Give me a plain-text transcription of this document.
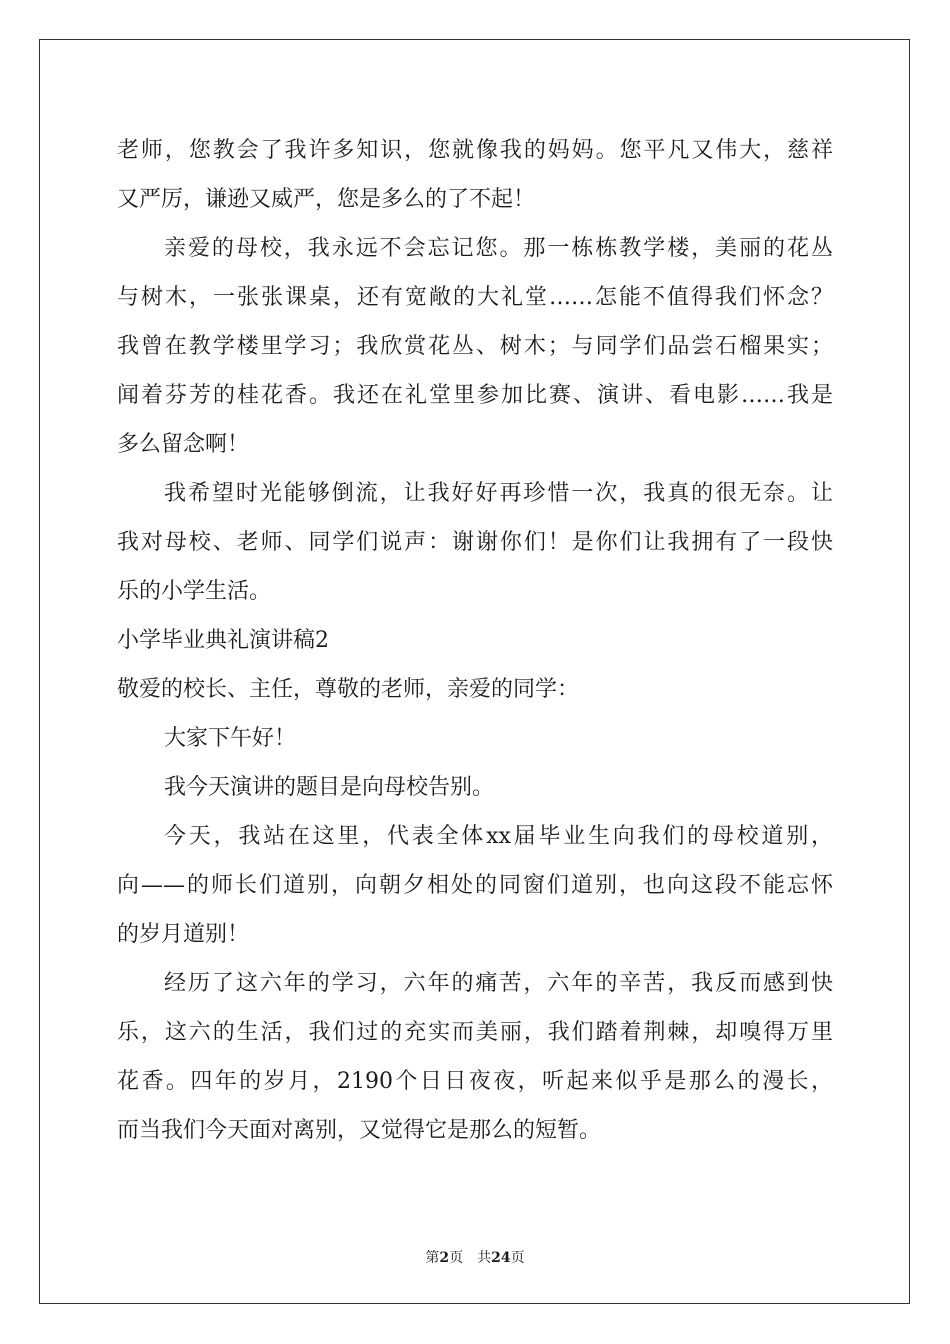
老师，您教会了我许多知识，您就像我的妈妈。您平凡又伟大，慈祥
又严厉，谦逊又威严，您是多么的了不起！
亲爱的母校，我永远不会忘记您。那一栋栋教学楼，美丽的花丛
与树木，一张张课桌，还有宽敞的大礼堂……怎能不值得我们怀念？
我曾在教学楼里学习；我欣赏花丛、树木；与同学们品尝石榴果实；
闻着芬芳的桂花香。我还在礼堂里参加比赛、演讲、看电影……我是
多么留念啊！
我希望时光能够倒流，让我好好再珍惜一次，我真的很无奈。让
我对母校、老师、同学们说声：谢谢你们！是你们让我拥有了一段快
乐的小学生活。
小学毕业典礼演讲稿2
敬爱的校长、主任，尊敬的老师，亲爱的同学：
大家下午好！
我今天演讲的题目是向母校告别。
今天，我站在这里，代表全体xx届毕业生向我们的母校道别，
向——的师长们道别，向朝夕相处的同窗们道别，也向这段不能忘怀
的岁月道别！
经历了这六年的学习，六年的痛苦，六年的辛苦，我反而感到快
乐，这六的生活，我们过的充实而美丽，我们踏着荆棘，却嗅得万里
花香。四年的岁月，2190个日日夜夜，听起来似乎是那么的漫长，
而当我们今天面对离别，又觉得它是那么的短暂。
第2页 共24页
